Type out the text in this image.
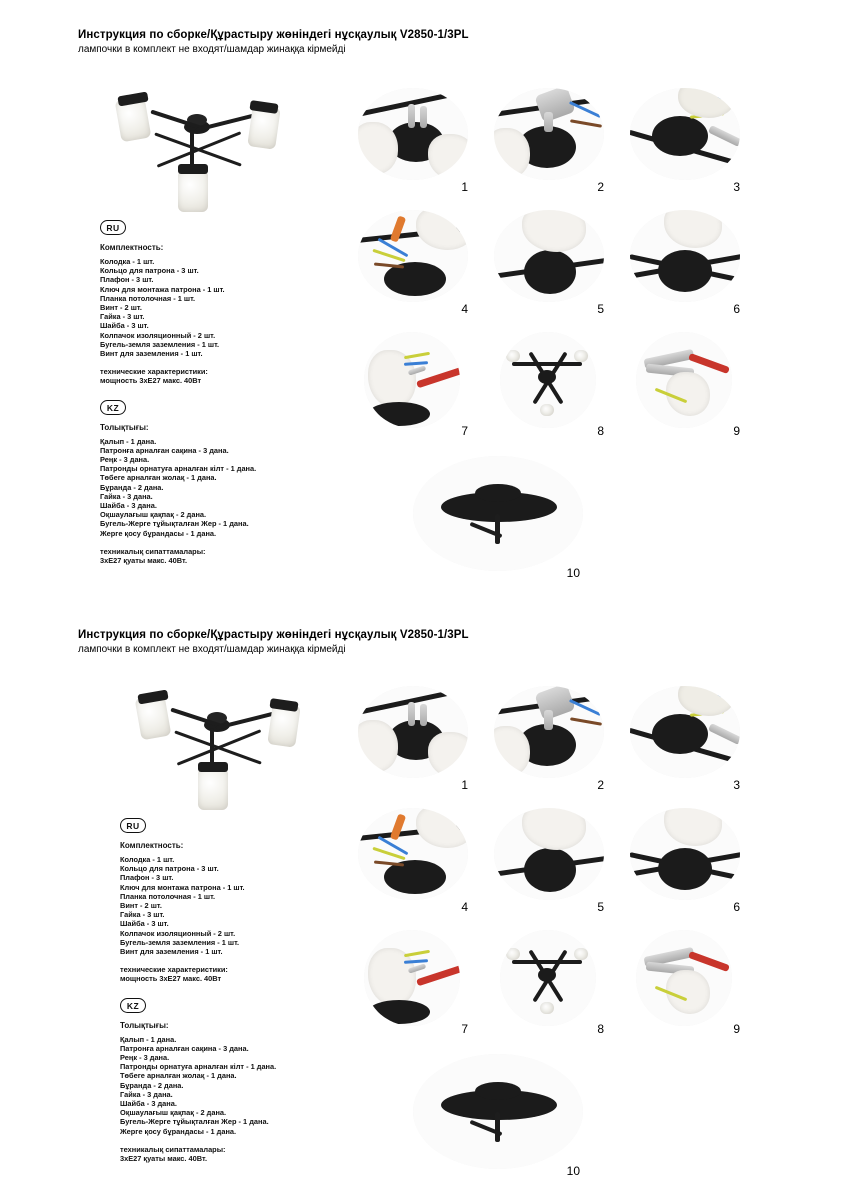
Инструкция по сборке/Құрастыру жөніндегі нұсқаулық V2850-1/3PL
лампочки в комплект не входят/шамдар жинаққа кірмейді
RU
Комплектность:
Колодка - 1 шт.
Кольцо для патрона - 3 шт.
Плафон - 3 шт.
Ключ для монтажа патрона - 1 шт.
Планка потолочная - 1 шт.
Винт - 2 шт.
Гайка - 3 шт.
Шайба - 3 шт.
Колпачок изоляционный - 2 шт.
Бугель-земля заземления - 1 шт.
Винт для заземления - 1 шт.
технические характеристики:
мощность 3хЕ27 макс. 40Вт
KZ
Толықтығы:
Қалып - 1 дана.
Патронға арналған сақина - 3 дана.
Реңк - 3 дана.
Патронды орнатуға арналған кілт - 1 дана.
Төбеге арналған жолақ - 1 дана.
Бұранда - 2 дана.
Гайка - 3 дана.
Шайба - 3 дана.
Оқшаулағыш қақпақ - 2 дана.
Бугель-Жерге тұйықталған Жер - 1 дана.
Жерге қосу бұрандасы - 1 дана.
техникалық сипаттамалары:
3хЕ27 қуаты макс. 40Вт.
1	2	3
4	5	6
7	8	9
10
Инструкция по сборке/Құрастыру жөніндегі нұсқаулық V2850-1/3PL
лампочки в комплект не входят/шамдар жинаққа кірмейді
RU
Комплектность:
Колодка - 1 шт.
Кольцо для патрона - 3 шт.
Плафон - 3 шт.
Ключ для монтажа патрона - 1 шт.
Планка потолочная - 1 шт.
Винт - 2 шт.
Гайка - 3 шт.
Шайба - 3 шт.
Колпачок изоляционный - 2 шт.
Бугель-земля заземления - 1 шт.
Винт для заземления - 1 шт.
технические характеристики:
мощность 3хЕ27 макс. 40Вт
KZ
Толықтығы:
Қалып - 1 дана.
Патронға арналған сақина - 3 дана.
Реңк - 3 дана.
Патронды орнатуға арналған кілт - 1 дана.
Төбеге арналған жолақ - 1 дана.
Бұранда - 2 дана.
Гайка - 3 дана.
Шайба - 3 дана.
Оқшаулағыш қақпақ - 2 дана.
Бугель-Жерге тұйықталған Жер - 1 дана.
Жерге қосу бұрандасы - 1 дана.
техникалық сипаттамалары:
3хЕ27 қуаты макс. 40Вт.
1	2	3
4	5	6
7	8	9
10
